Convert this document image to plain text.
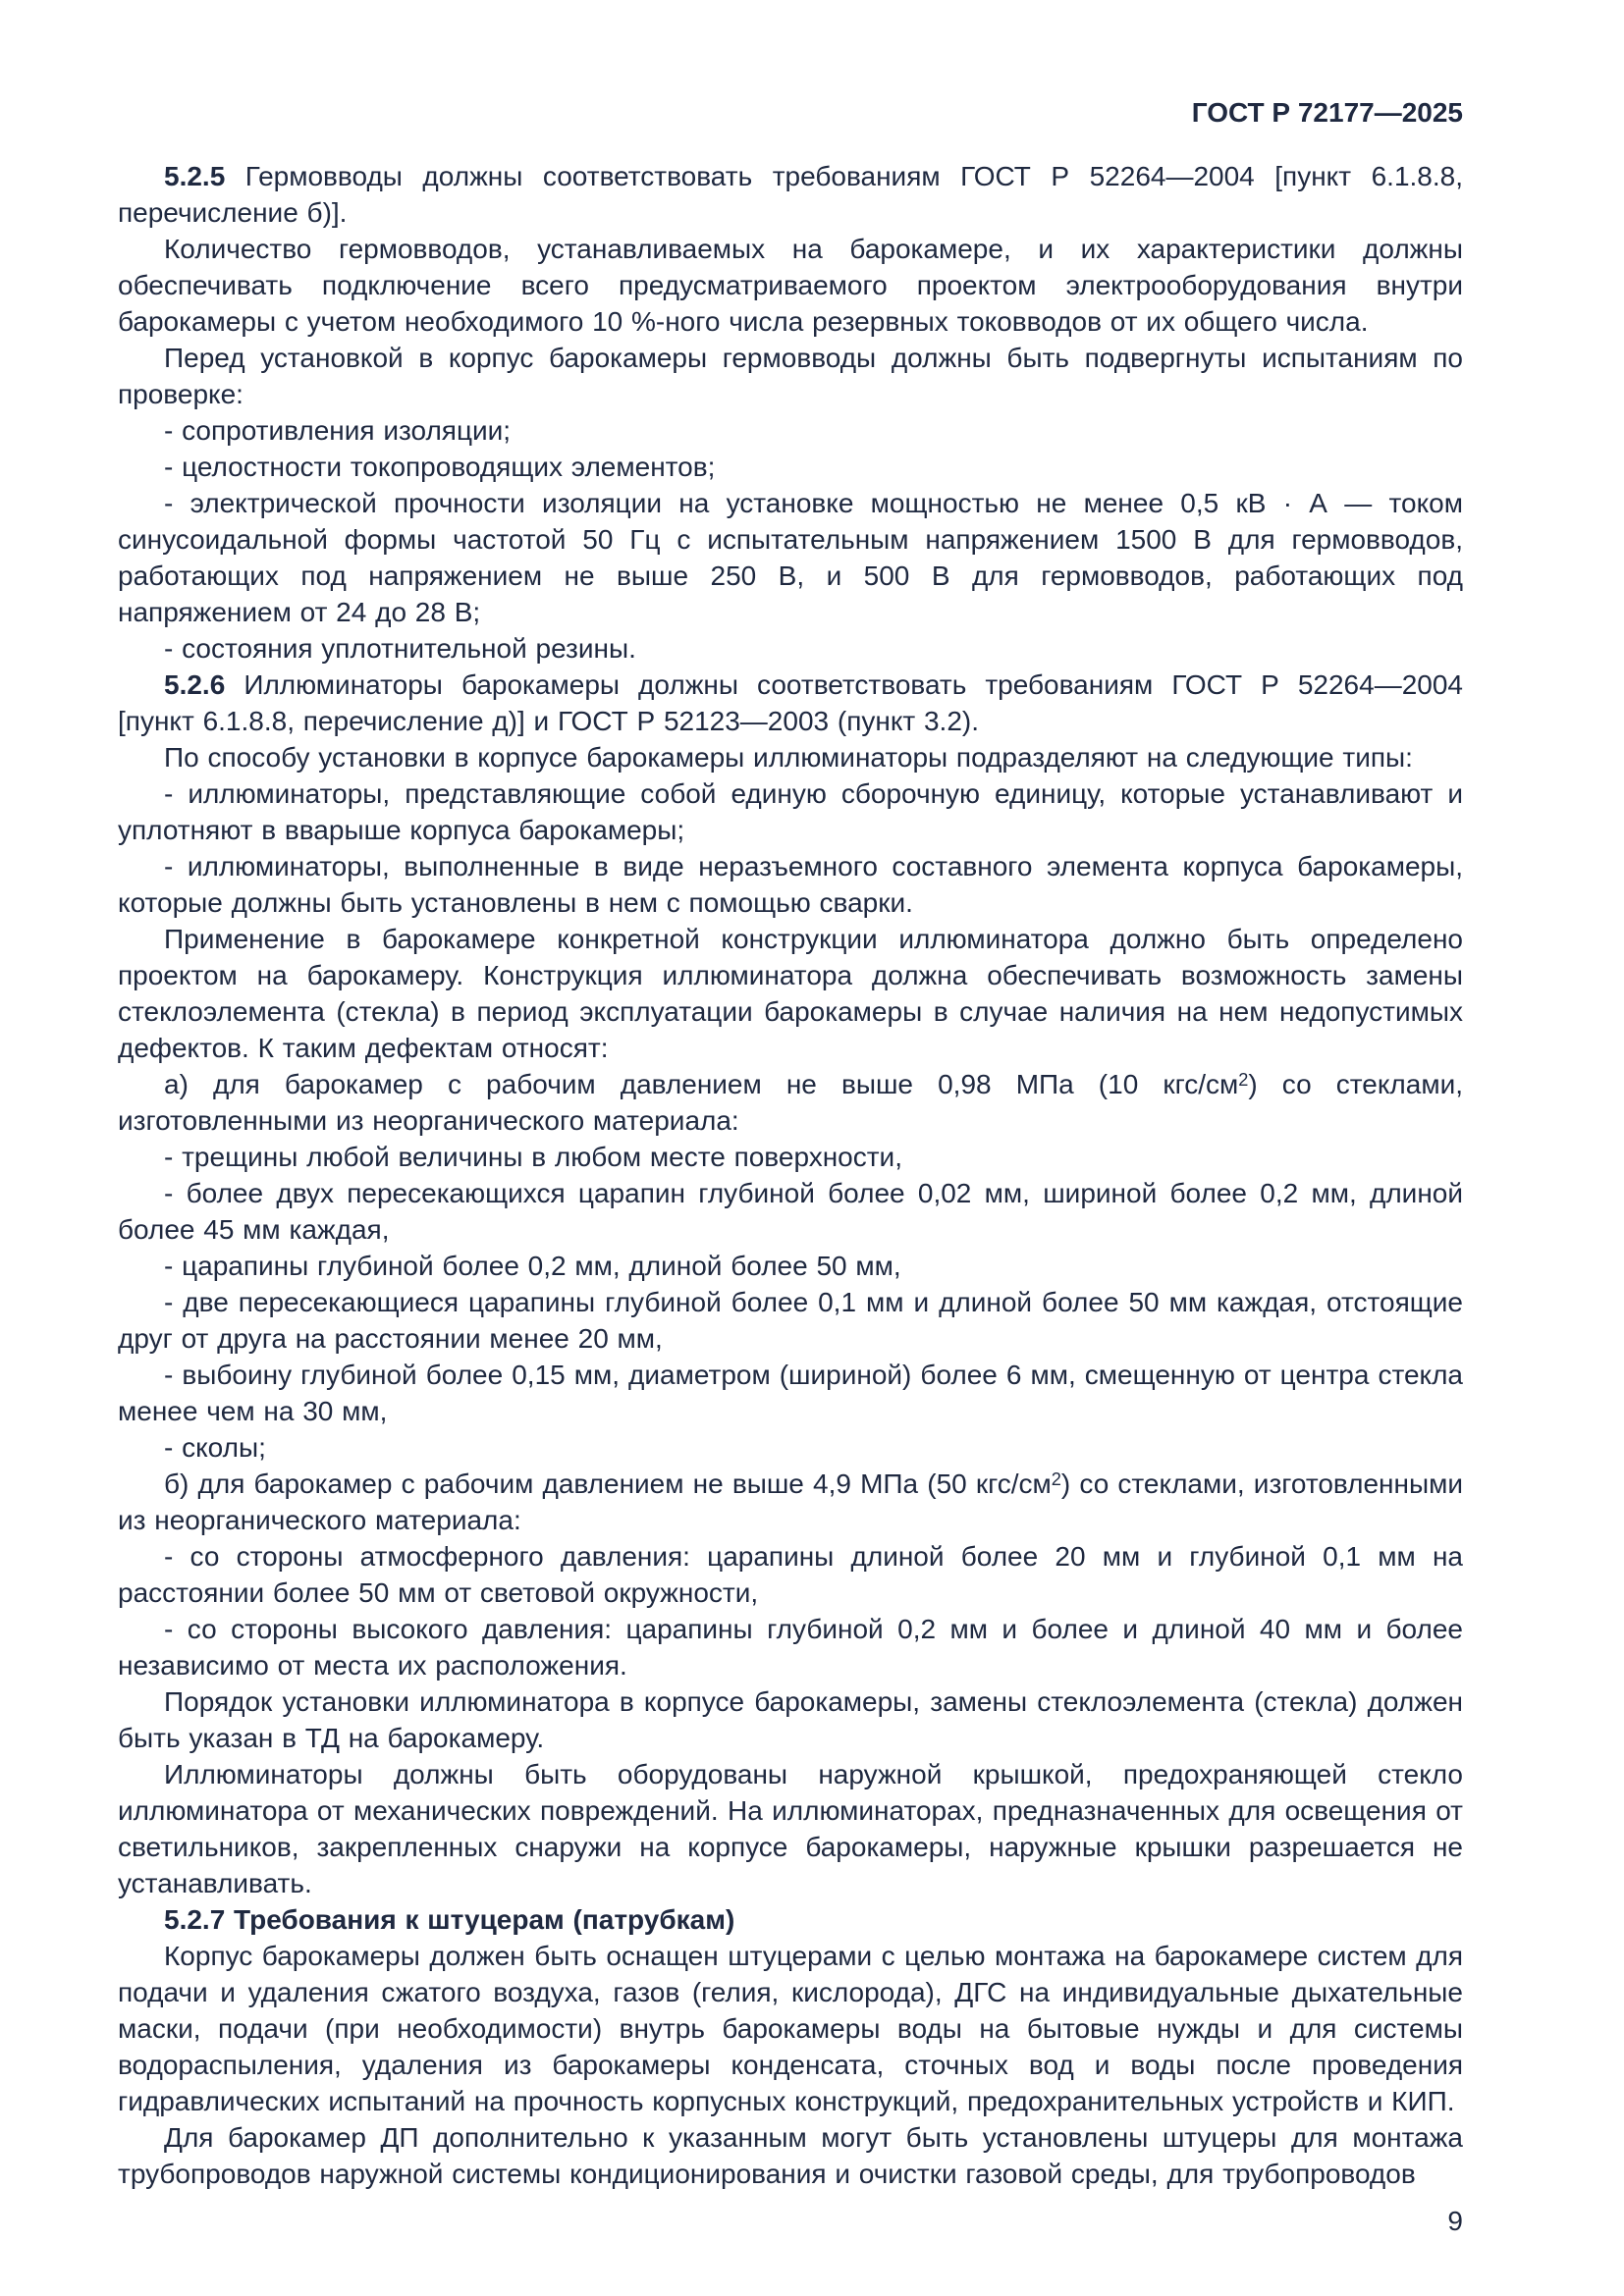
ГОСТ Р 72177—2025

5.2.5 Гермовводы должны соответствовать требованиям ГОСТ Р 52264—2004 [пункт 6.1.8.8, перечисление б)].

Количество гермовводов, устанавливаемых на барокамере, и их характеристики должны обеспечивать подключение всего предусматриваемого проектом электрооборудования внутри барокамеры с учетом необходимого 10 %-ного числа резервных токовводов от их общего числа.

Перед установкой в корпус барокамеры гермовводы должны быть подвергнуты испытаниям по проверке:

- сопротивления изоляции;

- целостности токопроводящих элементов;

- электрической прочности изоляции на установке мощностью не менее 0,5 кВ · А — током синусоидальной формы частотой 50 Гц с испытательным напряжением 1500 В для гермовводов, работающих под напряжением не выше 250 В, и 500 В для гермовводов, работающих под напряжением от 24 до 28 В;

- состояния уплотнительной резины.

5.2.6 Иллюминаторы барокамеры должны соответствовать требованиям ГОСТ Р 52264—2004 [пункт 6.1.8.8, перечисление д)] и ГОСТ Р 52123—2003 (пункт 3.2).

По способу установки в корпусе барокамеры иллюминаторы подразделяют на следующие типы:

- иллюминаторы, представляющие собой единую сборочную единицу, которые устанавливают и уплотняют в вварыше корпуса барокамеры;

- иллюминаторы, выполненные в виде неразъемного составного элемента корпуса барокамеры, которые должны быть установлены в нем с помощью сварки.

Применение в барокамере конкретной конструкции иллюминатора должно быть определено проектом на барокамеру. Конструкция иллюминатора должна обеспечивать возможность замены стеклоэлемента (стекла) в период эксплуатации барокамеры в случае наличия на нем недопустимых дефектов. К таким дефектам относят:

а) для барокамер с рабочим давлением не выше 0,98 МПа (10 кгс/$см^2$) со стеклами, изготовленными из неорганического материала:

- трещины любой величины в любом месте поверхности,

- более двух пересекающихся царапин глубиной более 0,02 мм, шириной более 0,2 мм, длиной более 45 мм каждая,

- царапины глубиной более 0,2 мм, длиной более 50 мм,

- две пересекающиеся царапины глубиной более 0,1 мм и длиной более 50 мм каждая, отстоящие друг от друга на расстоянии менее 20 мм,

- выбоину глубиной более 0,15 мм, диаметром (шириной) более 6 мм, смещенную от центра стекла менее чем на 30 мм,

- сколы;

б) для барокамер с рабочим давлением не выше 4,9 МПа (50 кгс/$см^2$) со стеклами, изготовленными из неорганического материала:

- со стороны атмосферного давления: царапины длиной более 20 мм и глубиной 0,1 мм на расстоянии более 50 мм от световой окружности,

- со стороны высокого давления: царапины глубиной 0,2 мм и более и длиной 40 мм и более независимо от места их расположения.

Порядок установки иллюминатора в корпусе барокамеры, замены стеклоэлемента (стекла) должен быть указан в ТД на барокамеру.

Иллюминаторы должны быть оборудованы наружной крышкой, предохраняющей стекло иллюминатора от механических повреждений. На иллюминаторах, предназначенных для освещения от светильников, закрепленных снаружи на корпусе барокамеры, наружные крышки разрешается не устанавливать.

5.2.7 Требования к штуцерам (патрубкам)

Корпус барокамеры должен быть оснащен штуцерами с целью монтажа на барокамере систем для подачи и удаления сжатого воздуха, газов (гелия, кислорода), ДГС на индивидуальные дыхательные маски, подачи (при необходимости) внутрь барокамеры воды на бытовые нужды и для системы водораспыления, удаления из барокамеры конденсата, сточных вод и воды после проведения гидравлических испытаний на прочность корпусных конструкций, предохранительных устройств и КИП.

Для барокамер ДП дополнительно к указанным могут быть установлены штуцеры для монтажа трубопроводов наружной системы кондиционирования и очистки газовой среды, для трубопроводов

9
